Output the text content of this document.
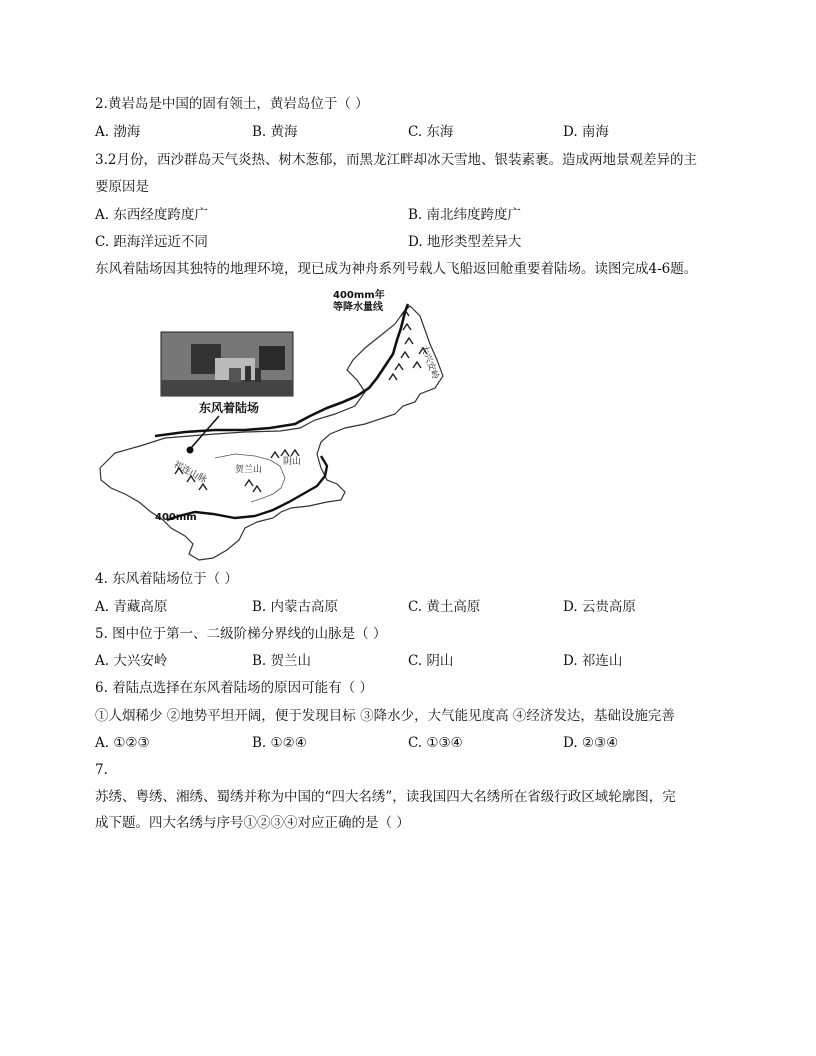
2.黄岩岛是中国的固有领土，黄岩岛位于（ ）
A. 渤海	B. 黄海	C. 东海	D. 南海
3.2月份，西沙群岛天气炎热、树木葱郁，而黑龙江畔却冰天雪地、银装素裹。造成两地景观差异的主
要原因是
A. 东西经度跨度广	B. 南北纬度跨度广
C. 距海洋远近不同	D. 地形类型差异大
东风着陆场因其独特的地理环境，现已成为神舟系列号载人飞船返回舱重要着陆场。读图完成4-6题。
东风着陆场
400mm年
等降水量线
大兴安岭
阴山
贺兰山
祁连山脉
400mm
4. 东风着陆场位于（ ）
A. 青藏高原	B. 内蒙古高原	C. 黄土高原	D. 云贵高原
5. 图中位于第一、二级阶梯分界线的山脉是（ ）
A. 大兴安岭	B. 贺兰山	C. 阴山	D. 祁连山
6. 着陆点选择在东风着陆场的原因可能有（ ）
①人烟稀少 ②地势平坦开阔，便于发现目标 ③降水少，大气能见度高 ④经济发达，基础设施完善
A. ①②③	B. ①②④	C. ①③④	D. ②③④
7.
苏绣、粤绣、湘绣、蜀绣并称为中国的“四大名绣”，读我国四大名绣所在省级行政区域轮廓图，完
成下题。四大名绣与序号①②③④对应正确的是（ ）
